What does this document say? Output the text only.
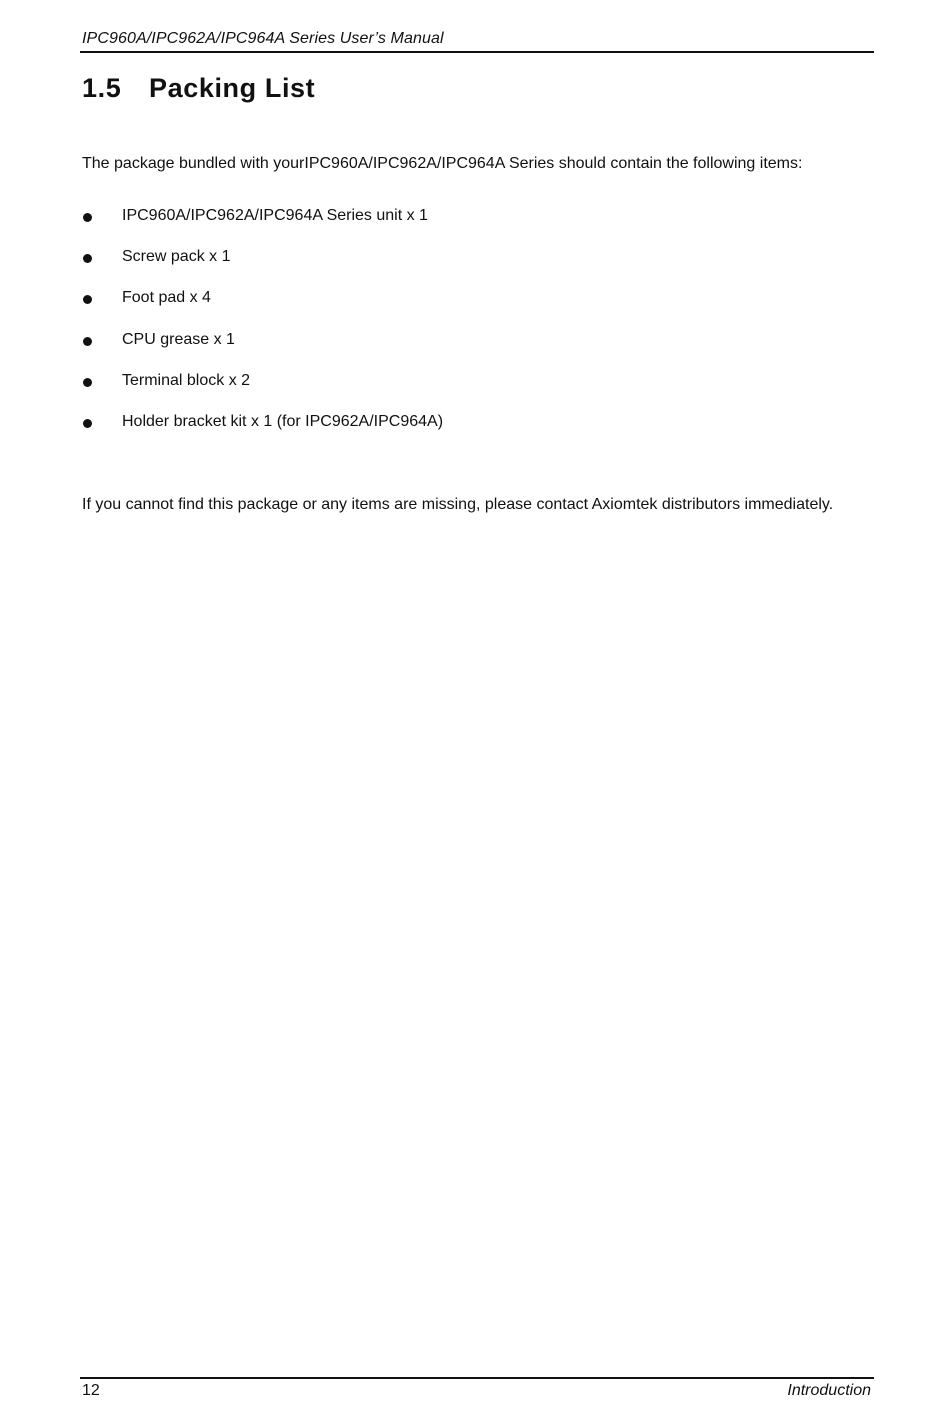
IPC960A/IPC962A/IPC964A Series User’s Manual
1.5 Packing List

The package bundled with yourIPC960A/IPC962A/IPC964A Series should contain the following items:

IPC960A/IPC962A/IPC964A Series unit x 1
Screw pack x 1
Foot pad x 4
CPU grease x 1
Terminal block x 2
Holder bracket kit x 1 (for IPC962A/IPC964A)

If you cannot find this package or any items are missing, please contact Axiomtek distributors immediately.

12	Introduction
